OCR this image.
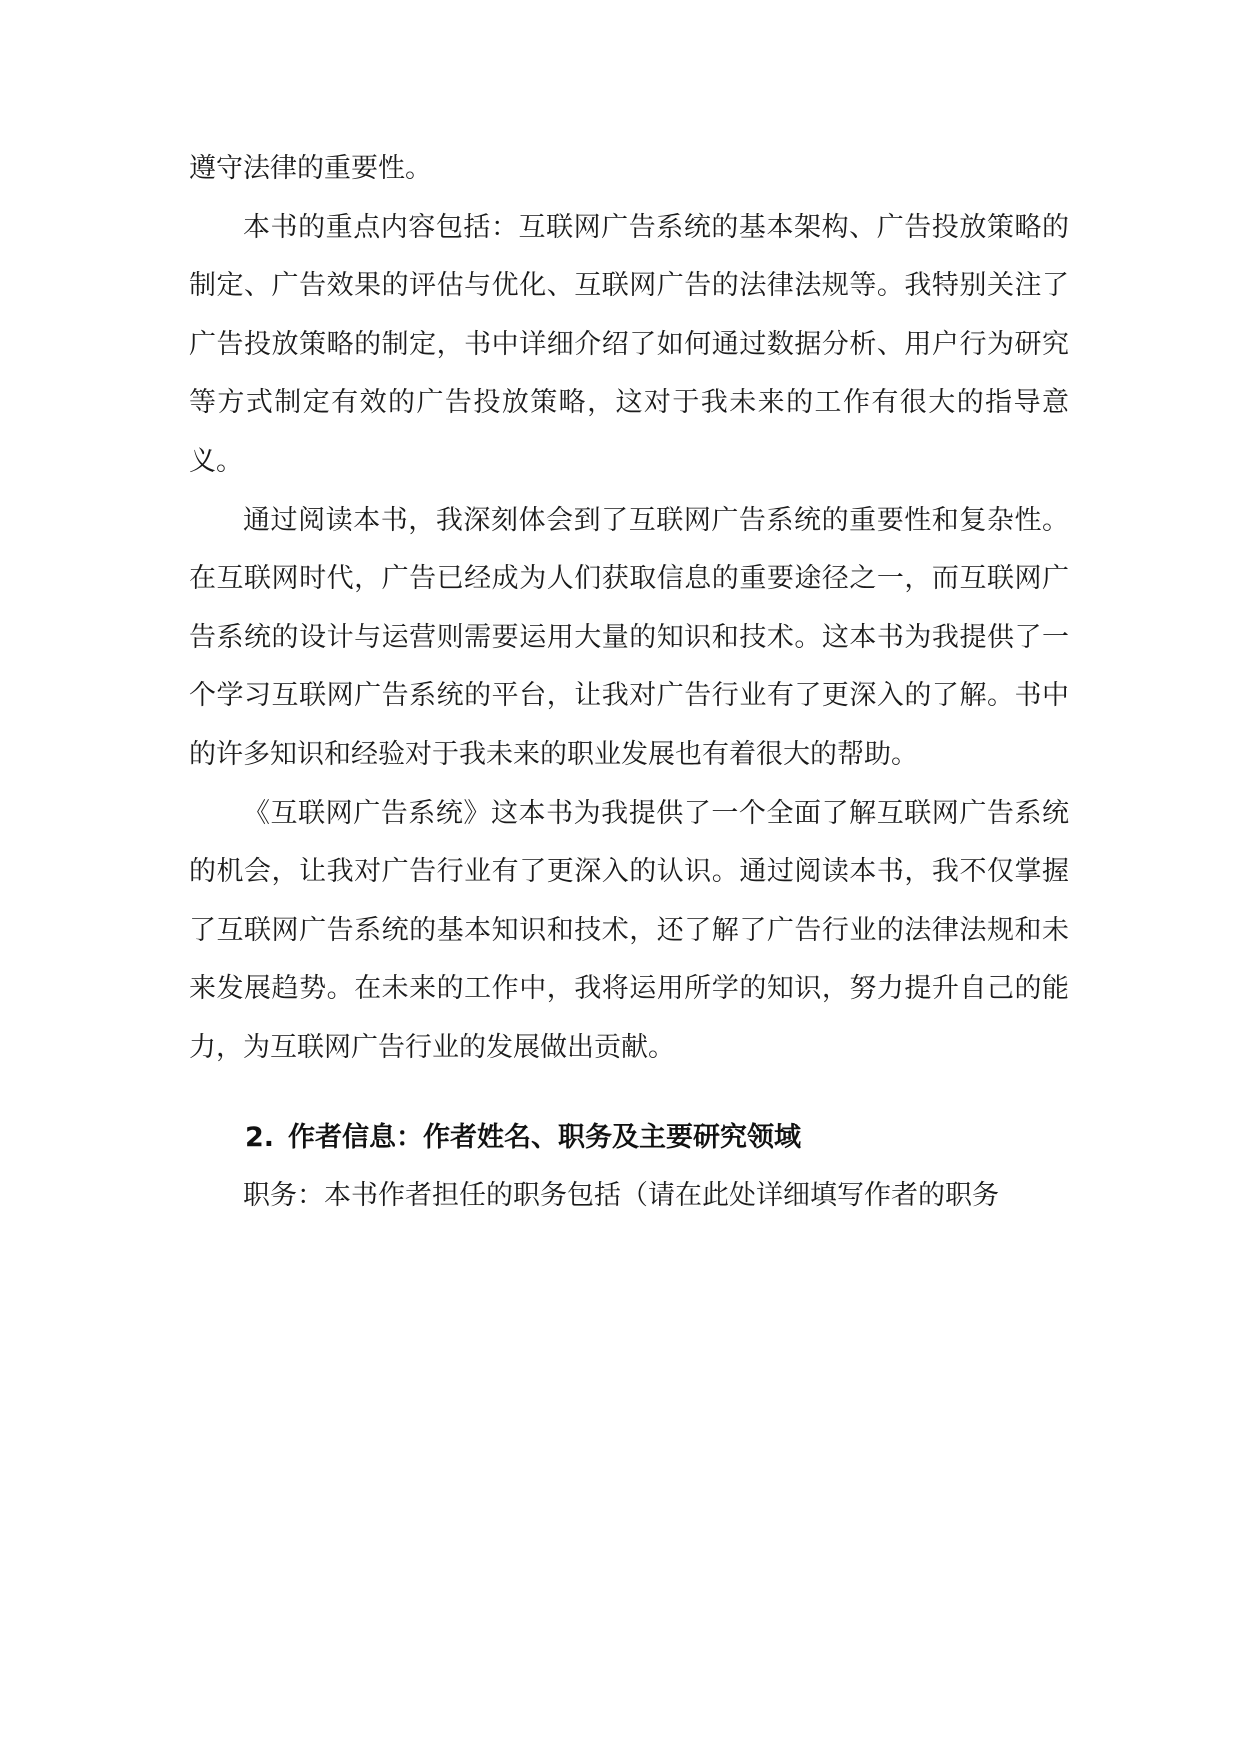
遵守法律的重要性。

本书的重点内容包括：互联网广告系统的基本架构、广告投放策略的制定、广告效果的评估与优化、互联网广告的法律法规等。我特别关注了广告投放策略的制定，书中详细介绍了如何通过数据分析、用户行为研究等方式制定有效的广告投放策略，这对于我未来的工作有很大的指导意义。

通过阅读本书，我深刻体会到了互联网广告系统的重要性和复杂性。在互联网时代，广告已经成为人们获取信息的重要途径之一，而互联网广告系统的设计与运营则需要运用大量的知识和技术。这本书为我提供了一个学习互联网广告系统的平台，让我对广告行业有了更深入的了解。书中的许多知识和经验对于我未来的职业发展也有着很大的帮助。

《互联网广告系统》这本书为我提供了一个全面了解互联网广告系统的机会，让我对广告行业有了更深入的认识。通过阅读本书，我不仅掌握了互联网广告系统的基本知识和技术，还了解了广告行业的法律法规和未来发展趋势。在未来的工作中，我将运用所学的知识，努力提升自己的能力，为互联网广告行业的发展做出贡献。

2. 作者信息：作者姓名、职务及主要研究领域

职务：本书作者担任的职务包括（请在此处详细填写作者的职务
